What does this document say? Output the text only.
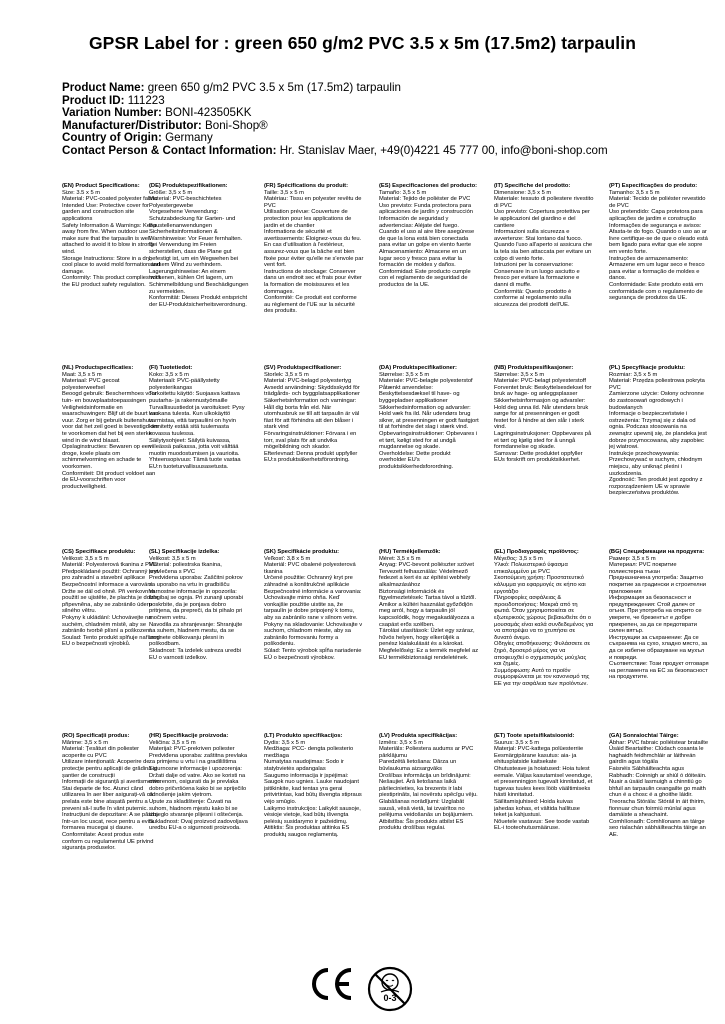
GPSR Label for : green 650 g/m2 PVC 3.5 x 5m (17.5m2) tarpaulin
Product Name: green 650 g/m2 PVC 3.5 x 5m (17.5m2) tarpaulin
Product ID: 111223
Variation Number: BONI-423505KK
Manufacturer/Distributor: Boni-Shop®
Country of Origin: Germany
Contact Person & Contact Information: Hr. Stanislav Maer, +49(0)4221 45 777 00, info@boni-shop.com
(EN) Product Specifications:
Size: 3.5 x 5 m
Material: PVC-coated polyester fabric
Intended Use: Protective cover for garden and construction site applications
Safety Information & Warnings: Keep away from fire. When outdoor use make sure that the tarpaulin is well attached to avoid it to blow in strong wind.
Storage Instructions: Store in a dry, cool place to avoid mold formation and damage.
Conformity: This product complies with the EU product safety regulation.
(DE) Produktspezifikationen:
Größe: 3,5 x 5 m
Material: PVC-beschichtetes Polyestergewebe
Vorgesehene Verwendung: Schutzabdeckung für Garten- und Baustellenanwendungen
Sicherheitsinformationen & Warnhinweise: Vor Feuer fernhalten. Bei Verwendung im Freien sicherstellen, dass die Plane gut befestigt ist, um ein Wegwehen bei starkem Wind zu verhindern.
Lagerungshinweise: An einem trockenen, kühlen Ort lagern, um Schimmelbildung und Beschädigungen zu vermeiden.
Konformität: Dieses Produkt entspricht der EU-Produktsicherheitsverordnung.
(FR) Spécifications du produit:
Taille: 3,5 x 5 m
Matériau: Tissu en polyester revêtu de PVC
Utilisation prévue: Couverture de protection pour les applications de jardin et de chantier
Informations de sécurité et avertissements: Éloignez-vous du feu. En cas d'utilisation à l'extérieur, assurez-vous que la bâche est bien fixée pour éviter qu'elle ne s'envole par vent fort.
Instructions de stockage: Conserver dans un endroit sec et frais pour éviter la formation de moisissures et les dommages.
Conformité: Ce produit est conforme au règlement de l'UE sur la sécurité des produits.
(ES) Especificaciones del producto:
Tamaño: 3,5 x 5 m
Material: Tejido de poliéster de PVC
Uso previsto: Funda protectora para aplicaciones de jardín y construcción
Información de seguridad y advertencias: Aléjate del fuego. Cuando el uso al aire libre asegúrese de que la lona está bien conectada para evitar un golpe en viento fuerte
Almacenamiento: Almacene en un lugar seco y fresco para evitar la formación de moldes y daños.
Conformidad: Este producto cumple con el reglamento de seguridad de productos de la UE.
(IT) Specifiche del prodotto:
Dimensione: 3,5 x 5 m
Materiale: tessuto di poliestere rivestito di PVC
Uso previsto: Copertura protettiva per le applicazioni del giardino e del cantiere
Informazioni sulla sicurezza e avvertenze: Stai lontano dal fuoco. Quando l'uso all'aperto si assicura che la tela sia ben attaccata per evitare un colpo di vento forte.
Istruzioni per la conservazione: Conservare in un luogo asciutto e fresco per evitare la formazione e danni di muffe.
Conformità: Questo prodotto è conforme al regolamento sulla sicurezza dei prodotti dell'UE.
(PT) Especificações do produto:
Tamanho: 3,5 x 5 m
Material: Tecido de poliéster revestido de PVC
Uso pretendido: Capa protetora para aplicações de jardim e construção
Informações de segurança e avisos: Afasta-te do fogo. Quando o uso ao ar livre certifique-se de que o oleado está bem ligado para evitar que ele sopre em vento forte.
Instruções de armazenamento: Armazene em um lugar seco e fresco para evitar a formação de moldes e danos.
Conformidade: Este produto está em conformidade com o regulamento de segurança de produtos da UE.
(NL) Productspecificaties:
Maat: 3,5 x 5 m
Materiaal: PVC gecoat polyesterweefsel
Beoogd gebruik: Beschermhoes voor tuin- en bouwplaatstoepassingen
Veiligheidsinformatie en waarschuwingen: Blijf uit de buurt van vuur. Zorg er bij gebruik buitenshuis voor dat het zeil goed is bevestigd om te voorkomen dat het bij een sterke wind in de wind blaast.
Opslaginstructies: Bewaren op een droge, koele plaats om schimmelvorming en schade te voorkomen.
Conformiteit: Dit product voldoet aan de EU-voorschriften voor productveiligheid.
(FI) Tuotetiedot:
Koko: 3,5 x 5 m
Materiaali: PVC-päällystetty polyesterikangas
Tarkoitettu käyttö: Suojaava kattava puutarha- ja rakennustyömaille
Turvallisuustiedot ja varoitukset: Pysy kaukana tulesta. Kun ulkokäyttö varmistaa, että tarpauliini on hyvin kiinnitetty estää sitä tuulemasta kovassa tuulessa.
Säilytysohjeet: Säilytä kuivassa, viileässä paikassa, jotta voit välttää muotin muodostumisen ja vaurioita.
Yhteensopivuus: Tämä tuote vastaa EU:n tuoteturvallisuusasetusta.
(SV) Produktspecifikationer:
Storlek: 3,5 x 5 m
Material: PVC-belagd polyestertyg
Avsedd användning: Skyddsskydd för trädgårds- och byggplatsapplikationer
Säkerhetsinformation och varningar: Håll dig borta från eld. När utomhusbruk se till att tarpaulin är väl fäst för att förhindra att den blåser i stark vind
Förvaringsinstruktioner: Förvara i en torr, sval plats för att undvika mögelbildning och skador.
Efterlevnad: Denna produkt uppfyller EU:s produktsäkerhetsförordning.
(DA) Produktspecifikationer:
Størrelse: 3,5 x 5 m
Materiale: PVC-belagte polyesterstof
Påtænkt anvendelse: Beskyttelsesdæksel til have- og byggepladser applikationer
Sikkerhedsinformation og advarsler: Hold væk fra ild. Når udendørs brug sikrer, at presenningen er godt fastgjort til at forhindre det slag i stærk vind.
Opbevaringsinstruktioner: Opbevares i et tørt, køligt sted for at undgå mugdannelse og skade.
Overholdelse: Dette produkt overholder EU's produktsikkerhedsforordning.
(NB) Produktspesifikasjoner:
Størrelse: 3,5 x 5 m
Materiale: PVC-belagt polyesterstoff
Forventet bruk: Beskyttelsesdeksel for bruk av hage- og anleggsplasser
Sikkerhetsinformasjon og advarsler: Hold deg unna ild. Når utendørs bruk sørge for at presenningen er godt festet for å hindre at den slår i sterk vind.
Lagringsinstruksjoner: Oppbevares på et tørt og kjølig sted for å unngå formdannelse og skade.
Samsvar: Dette produktet oppfyller EUs forskrift om produktsikkerhet.
(PL) Specyfikacje produktu:
Rozmiar: 3,5 x 5 m
Materiał: Przędza poliestrowa pokryta PVC
Zamierzone użycie: Osłony ochronne do zastosowań ogrodowych i budowlanych
Informacje o bezpieczeństwie i ostrzeżenia: Trzymaj się z dala od ognia. Podczas stosowania na zewnątrz upewnij się, że plandeka jest dobrze przymocowana, aby zapobiec jej wiatrowi.
Instrukcje przechowywania: Przechowywać w suchym, chłodnym miejscu, aby uniknąć pleśni i uszkodzenia.
Zgodność: Ten produkt jest zgodny z rozporządzeniem UE w sprawie bezpieczeństwa produktów.
(CS) Specifikace produktu:
Velikost: 3,5 x 5 m
Materiál: Polyesterová tkanina z PVC
Předpokládané použití: Ochranný kryt pro zahradní a stavební aplikace
Bezpečnostní informace a varování: Držte se dál od ohně. Při venkovním použití se ujistěte, že plachta je dobře připevněna, aby se zabránilo úderu silného větru.
Pokyny k ukládání: Uchovávejte na suchém, chladném místě, aby se zabránilo tvorbě plísní a poškození.
Soulad: Tento produkt splňuje nařízení EU o bezpečnosti výrobků.
(SL) Specifikacije izdelka:
Velikost: 3,5 x 5 m
Material: poliestrska tkanina, prevlečena s PVC
Predvidena uporaba: Zaščitni pokrov za uporabo na vrtu in gradbišču
Varnostne informacije in opozorila: Izogibaj se ognja. Pri zunanji uporabi poskrbite, da je ponjava dobro pritrjena, da prepreči, da bi pihalo pri močnem vetru.
Navodila za shranjevanje: Shranjujte na suhem, hladnem mestu, da se izognete oblikovanju plesni in poškodbam.
Skladnost: Ta izdelek ustreza uredbi EU o varnosti izdelkov.
(SK) Špecifikácie produktu:
Veľkosť: 3,8 x 5 m
Materiál: PVC obalené polyesterová tkanina
Určené použitie: Ochranný kryt pre záhradné a konštrukčné aplikácie
Bezpečnostné informácie a varovania: Uchovávajte mimo ohňa. Keď vonkajšie použitie uistite sa, že tarpaulín je dobre pripojený k tomu, aby sa zabránilo rane v silnom vetre.
Pokyny na skladovanie: Uchovávajte v suchom, chladnom mieste, aby sa zabránilo formovaniu formy a poškodeniu.
Súlad: Tento výrobok spĺňa nariadenie EÚ o bezpečnosti výrobkov.
(HU) Termékjellemzők:
Méret: 3,5 x 5 m
Anyag: PVC-bevont poliészter szövet
Tervezett felhasználás: Védelmező fedezet a kert és az építési webhely alkalmazásához
Biztonsági információk és figyelmeztetések: Tartsa távol a tűztől. Amikor a kültéri használat győződjön meg arról, hogy a tarpaulin jól kapcsolódik, hogy megakadályozza a csapást erős szélben.
Tárolási utasítások: Üzlet egy száraz, hűvös helyen, hogy elkerüljék a penész kialakulását és a károkat.
Megfelelőség: Ez a termék megfelel az EU termékbiztonsági rendeletének.
(EL) Προδιαγραφές προϊόντος:
Μέγεθος: 3,5 x 5 m
Υλικό: Πολυεστερικό ύφασμα επικαλυμμένο με PVC
Σκοπούμενη χρήση: Προστατευτικό κάλυμμα για εφαρμογές σε κήπο και εργοτάξιο
Πληροφορίες ασφάλειας & προειδοποιήσεις: Μακριά από τη φωτιά. Όταν χρησιμοποιείται σε εξωτερικούς χώρους βεβαιωθείτε ότι ο μουσαμάς είναι καλά συνδεδεμένος για να αποτρέψει να το χτυπήσει σε δυνατό άνεμο.
Οδηγίες αποθήκευσης: Φυλάσσετε σε ξηρό, δροσερό μέρος για να αποφευχθεί ο σχηματισμός μούχλας και ζημιές.
Συμμόρφωση: Αυτό το προϊόν συμμορφώνεται με τον κανονισμό της ΕΕ για την ασφάλεια των προϊόντων.
(BG) Спецификации на продукта:
Размер: 3,5 x 5 m
Материал: PVC покритие полиестерна тъкан
Предназначена употреба: Защитно покритие за градински и строителни приложения
Информация за безопасност и предупреждения: Стой далеч от огъня. При употреба на открито се уверете, че брезентът е добре прикрепен, за да се предотврати силен вятър.
Инструкции за съхранение: Да се съхранява на сухо, хладно място, за да се избегне образуване на мухъл и повреди.
Съответствие: Този продукт отговаря на регламента на ЕС за безопасност на продуктите.
(RO) Specificații produs:
Mărime: 3,5 x 5 m
Material: Țesături din poliester acoperite cu PVC
Utilizare intenționată: Acoperire de protecție pentru aplicații de grădină și șantier de construcții
Informații de siguranță și avertismente: Stai departe de foc. Atunci când utilizarea în aer liber asigurați-vă că prelata este bine atașată pentru a preveni să-l sufle în vânt puternic.
Instrucțiuni de depozitare: A se păstra într-un loc uscat, rece pentru a evita formarea mucegai și daune.
Conformitate: Acest produs este conform cu regulamentul UE privind siguranța produselor.
(HR) Specifikacije proizvoda:
Veličina: 3,5 x 5 m
Materijal: PVC-prekriven poliester
Predviđena uporaba: zaštitna prevlaka za primjenu u vrtu i na gradilištima
Sigurnosne informacije i upozorenja: Držati dalje od vatre. Ako se koristi na otvorenom, osigurati da je prevlaka dobro pričvršćena kako bi se spriječilo odnošenje jakim vjetrom.
Upute za skladištenje: Čuvati na suhom, hladnom mjestu kako bi se izbjeglo stvaranje plijesni i oštećenja.
Sukladnost: Ovaj proizvod zadovoljava uredbu EU-a o sigurnosti proizvoda.
(LT) Produkto specifikacijos:
Dydis: 3,5 x 5 m
Medžiaga: PCC- dengta poliesterio medžiaga
Numatytas naudojimas: Sodo ir statybvietės apdangalas
Saugumo informacija ir įspėjimai: Saugok nuo ugnies. Lauke naudojant įsitikinkite, kad tentas yra gerai pritvirtintas, kad būtų išvengta stipraus vėjo smūgio.
Laikymo instrukcijos: Laikykit sausoje, vėsioje vietoje, kad būtų išvengta pelėsių susidarymo ir pažeidimų.
Atitiktis: Šis produktas atitinka ES produktų saugos reglamentą.
(LV) Produkta specifikācijas:
Izmērs: 3,5 x 5 m
Materiāls: Poliestera audums ar PVC pārklājumu
Paredzētā lietošana: Dārza un būvlaukuma aizsargvāks
Drošības informācija un brīdinājumi: Nešaujiet. Ārā lietošanas laikā pārliecinieties, ka brezents ir labi piestiprināts, lai novērstu spēcīgu vēju.
Glabāšanas norādījumi: Uzglabāt sausā, vēsā vietā, lai izvairītos no pelējuma veidošanās un bojājumiem.
Atbilstība: Šis produkts atbilst ES produktu drošības regulai.
(ET) Toote spetsifikatsioonid:
Suurus: 3,5 x 5 m
Materjal: PVC-kattega polüesterriie
Eesmärgipärane kasutus: aia- ja ehitusplatside kaitsekate
Ohutusteave ja hoiatused: Hoia tulest eemale. Väljas kasutamisel veenduge, et presenningjon tugevalt kinnitatud, et tugevas tuules kees lööb väältimiseks hästi kinnitatud.
Säilitamisjuhised: Hoida kuivas jahedas kohas, et vältida hallituse teket ja kahjustusi.
Nõuetele vastavus: See toode vastab EL-i tooteohutusmääruse.
(GA) Sonraíochtaí Táirge:
Ábhar: PVC fabraic poliéistear bratailte
Úsáid Beartaithe: Clúdach cosanta le haghaidh feidhmchláir ar láithreán gairdín agus tógála
Faisnéis Sábháilteachta agus Rabhadh: Coinnigh ar shiúl ó dóiteáin. Nuair a úsáid lasmuigh a chinntiú go bhfuil an tarpaulin ceangailte go maith chun é a chosc é a ghoithe láidir.
Treoracha Stórála: Stóráil in áit thirim, fionnuar chun foirmiú múnlaí agus damáiste a sheachaint.
Comhlíonadh: Comhlíonann an táirge seo rialachán sábháilteachta táirge an AE.
0-3
